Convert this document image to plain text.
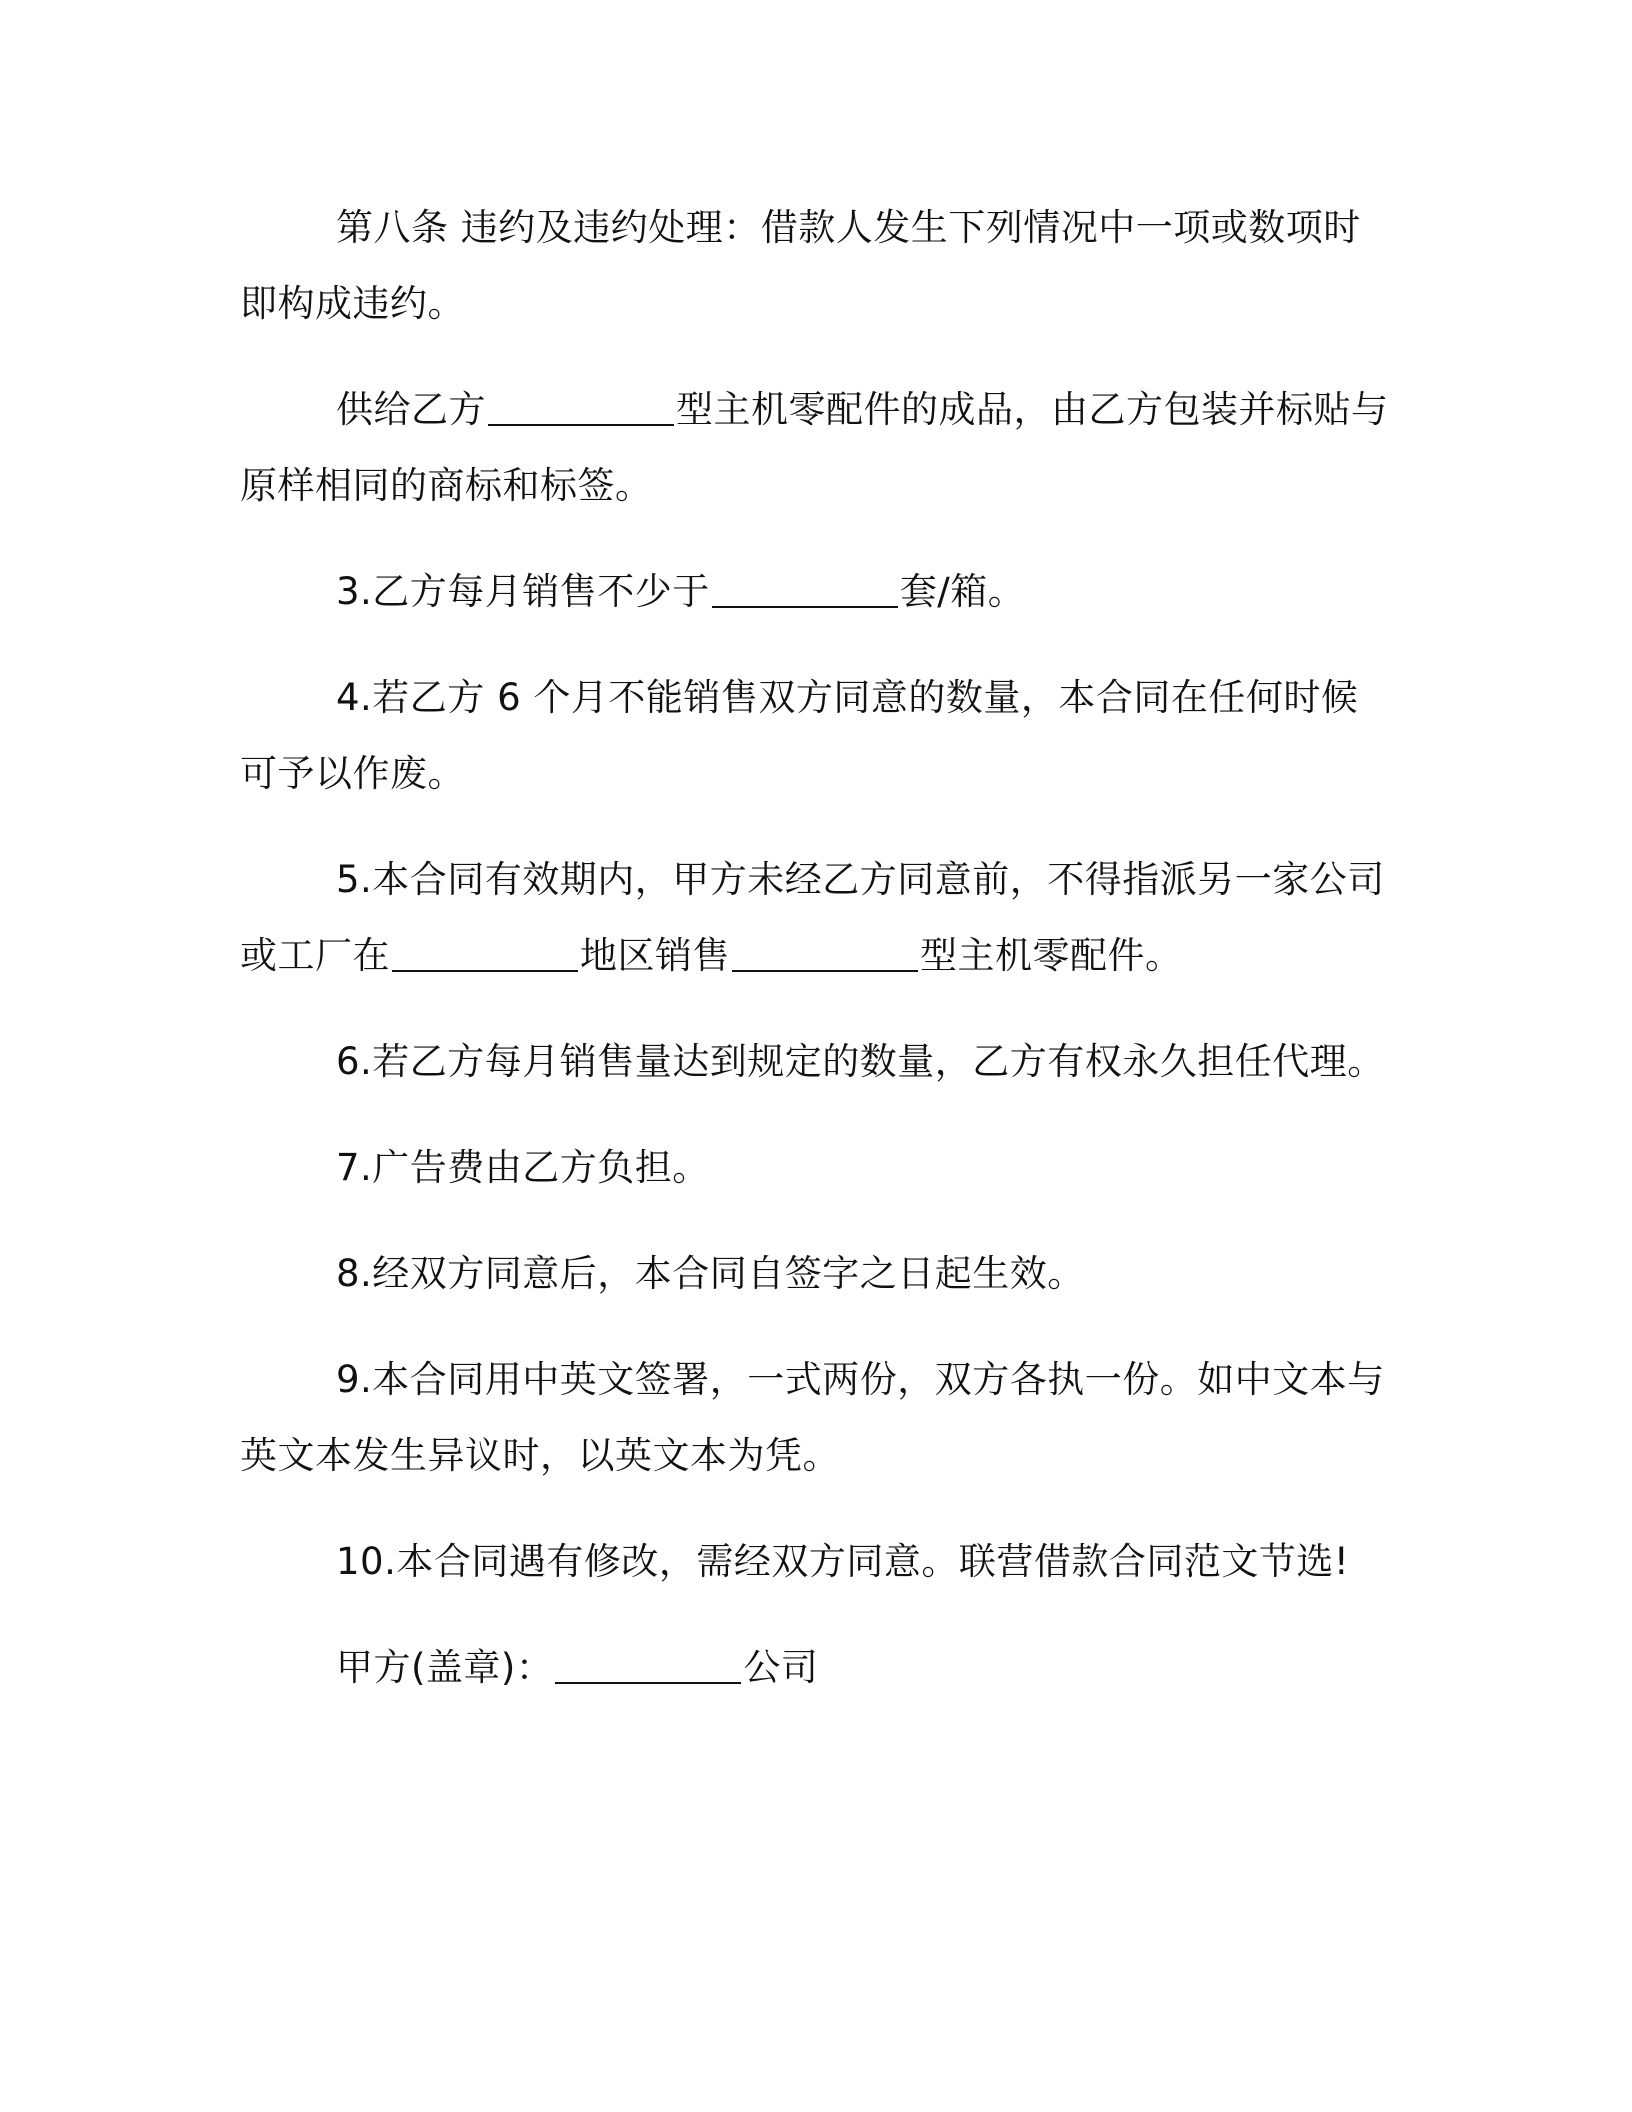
第八条 违约及违约处理：借款人发生下列情况中一项或数项时即构成违约。

供给乙方	型主机零配件的成品，由乙方包装并标贴与原样相同的商标和标签。

3.乙方每月销售不少于	套/箱。

4.若乙方 6 个月不能销售双方同意的数量，本合同在任何时候可予以作废。

5.本合同有效期内，甲方未经乙方同意前，不得指派另一家公司或工厂在	地区销售	型主机零配件。

6.若乙方每月销售量达到规定的数量，乙方有权永久担任代理。

7.广告费由乙方负担。

8.经双方同意后，本合同自签字之日起生效。

9.本合同用中英文签署，一式两份，双方各执一份。如中文本与英文本发生异议时，以英文本为凭。

10.本合同遇有修改，需经双方同意。联营借款合同范文节选!

甲方(盖章)：	公司
